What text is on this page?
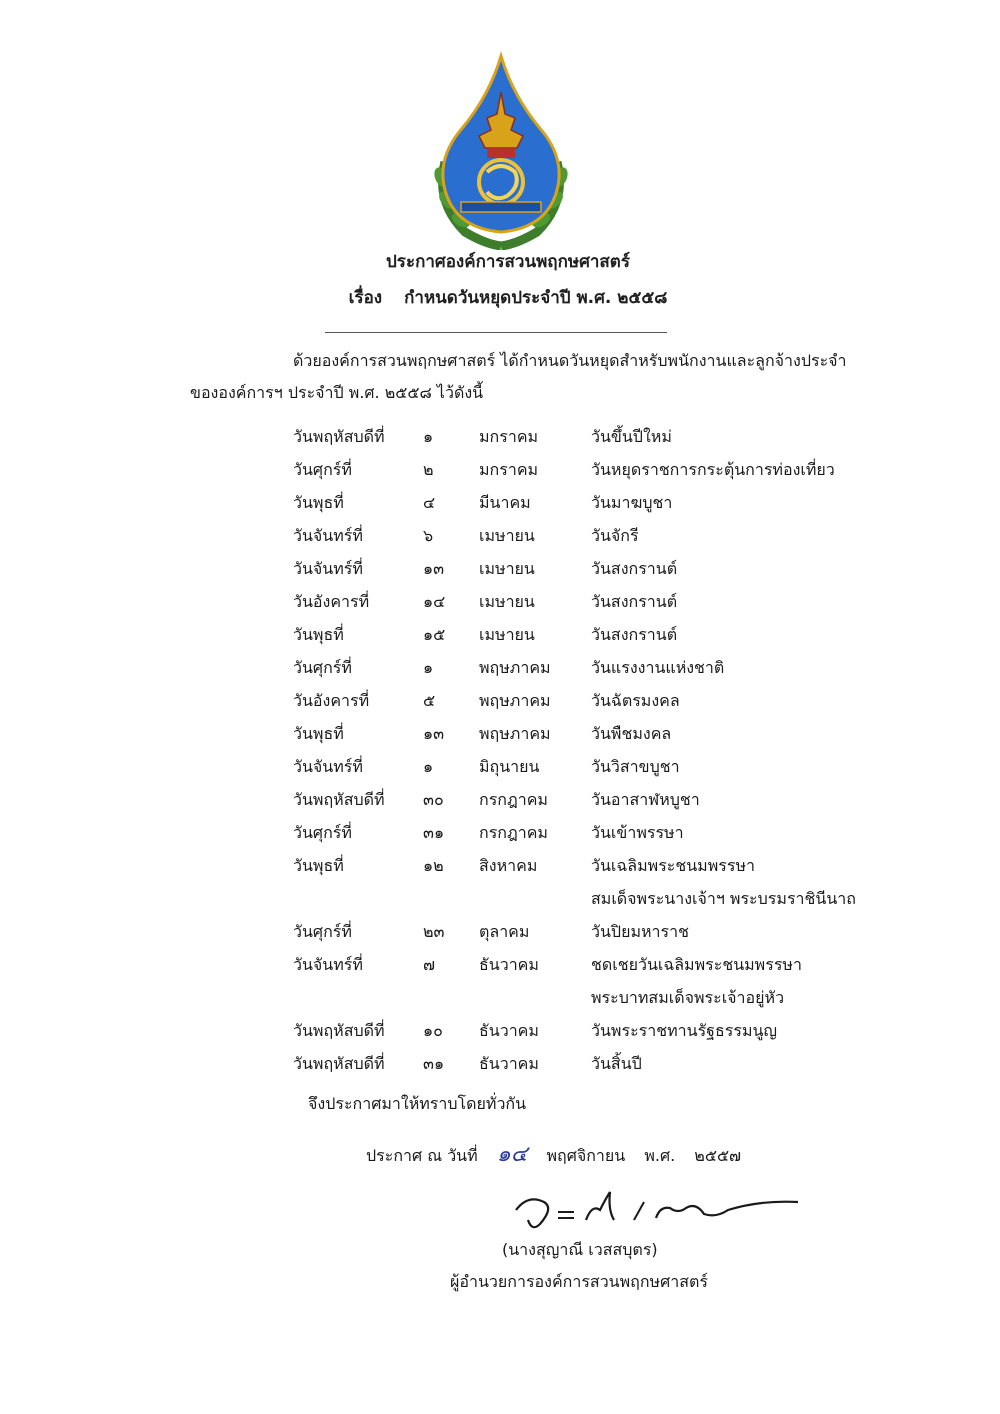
ประกาศองค์การสวนพฤกษศาสตร์
เรื่อง กำหนดวันหยุดประจำปี พ.ศ. ๒๕๕๘
ด้วยองค์การสวนพฤกษศาสตร์ ได้กำหนดวันหยุดสำหรับพนักงานและลูกจ้างประจำ
ขององค์การฯ ประจำปี พ.ศ. ๒๕๕๘ ไว้ดังนี้
วันพฤหัสบดีที่ ๑	มกราคม	วันขึ้นปีใหม่
วันศุกร์ที่	๒	มกราคม	วันหยุดราชการกระตุ้นการท่องเที่ยว
วันพุธที่	๔	มีนาคม	วันมาฆบูชา
วันจันทร์ที่	๖	เมษายน	วันจักรี
วันจันทร์ที่	๑๓ เมษายน	วันสงกรานต์
วันอังคารที่	๑๔ เมษายน	วันสงกรานต์
วันพุธที่	๑๕ เมษายน	วันสงกรานต์
วันศุกร์ที่	๑	พฤษภาคม	วันแรงงานแห่งชาติ
วันอังคารที่	๕	พฤษภาคม	วันฉัตรมงคล
วันพุธที่	๑๓ พฤษภาคม	วันพืชมงคล
วันจันทร์ที่	๑	มิถุนายน	วันวิสาขบูชา
วันพฤหัสบดีที่ ๓๐ กรกฎาคม	วันอาสาฬหบูชา
วันศุกร์ที่	๓๑ กรกฎาคม	วันเข้าพรรษา
วันพุธที่	๑๒ สิงหาคม	วันเฉลิมพระชนมพรรษา
สมเด็จพระนางเจ้าฯ พระบรมราชินีนาถ
วันศุกร์ที่	๒๓ ตุลาคม	วันปิยมหาราช
วันจันทร์ที่	๗	ธันวาคม	ชดเชยวันเฉลิมพระชนมพรรษา
พระบาทสมเด็จพระเจ้าอยู่หัว
วันพฤหัสบดีที่ ๑๐ ธันวาคม	วันพระราชทานรัฐธรรมนูญ
วันพฤหัสบดีที่ ๓๑ ธันวาคม	วันสิ้นปี
จึงประกาศมาให้ทราบโดยทั่วกัน
ประกาศ ณ วันที่ ๑๔ พฤศจิกายน พ.ศ. ๒๕๕๗
(นางสุญาณี เวสสบุตร)
ผู้อำนวยการองค์การสวนพฤกษศาสตร์
